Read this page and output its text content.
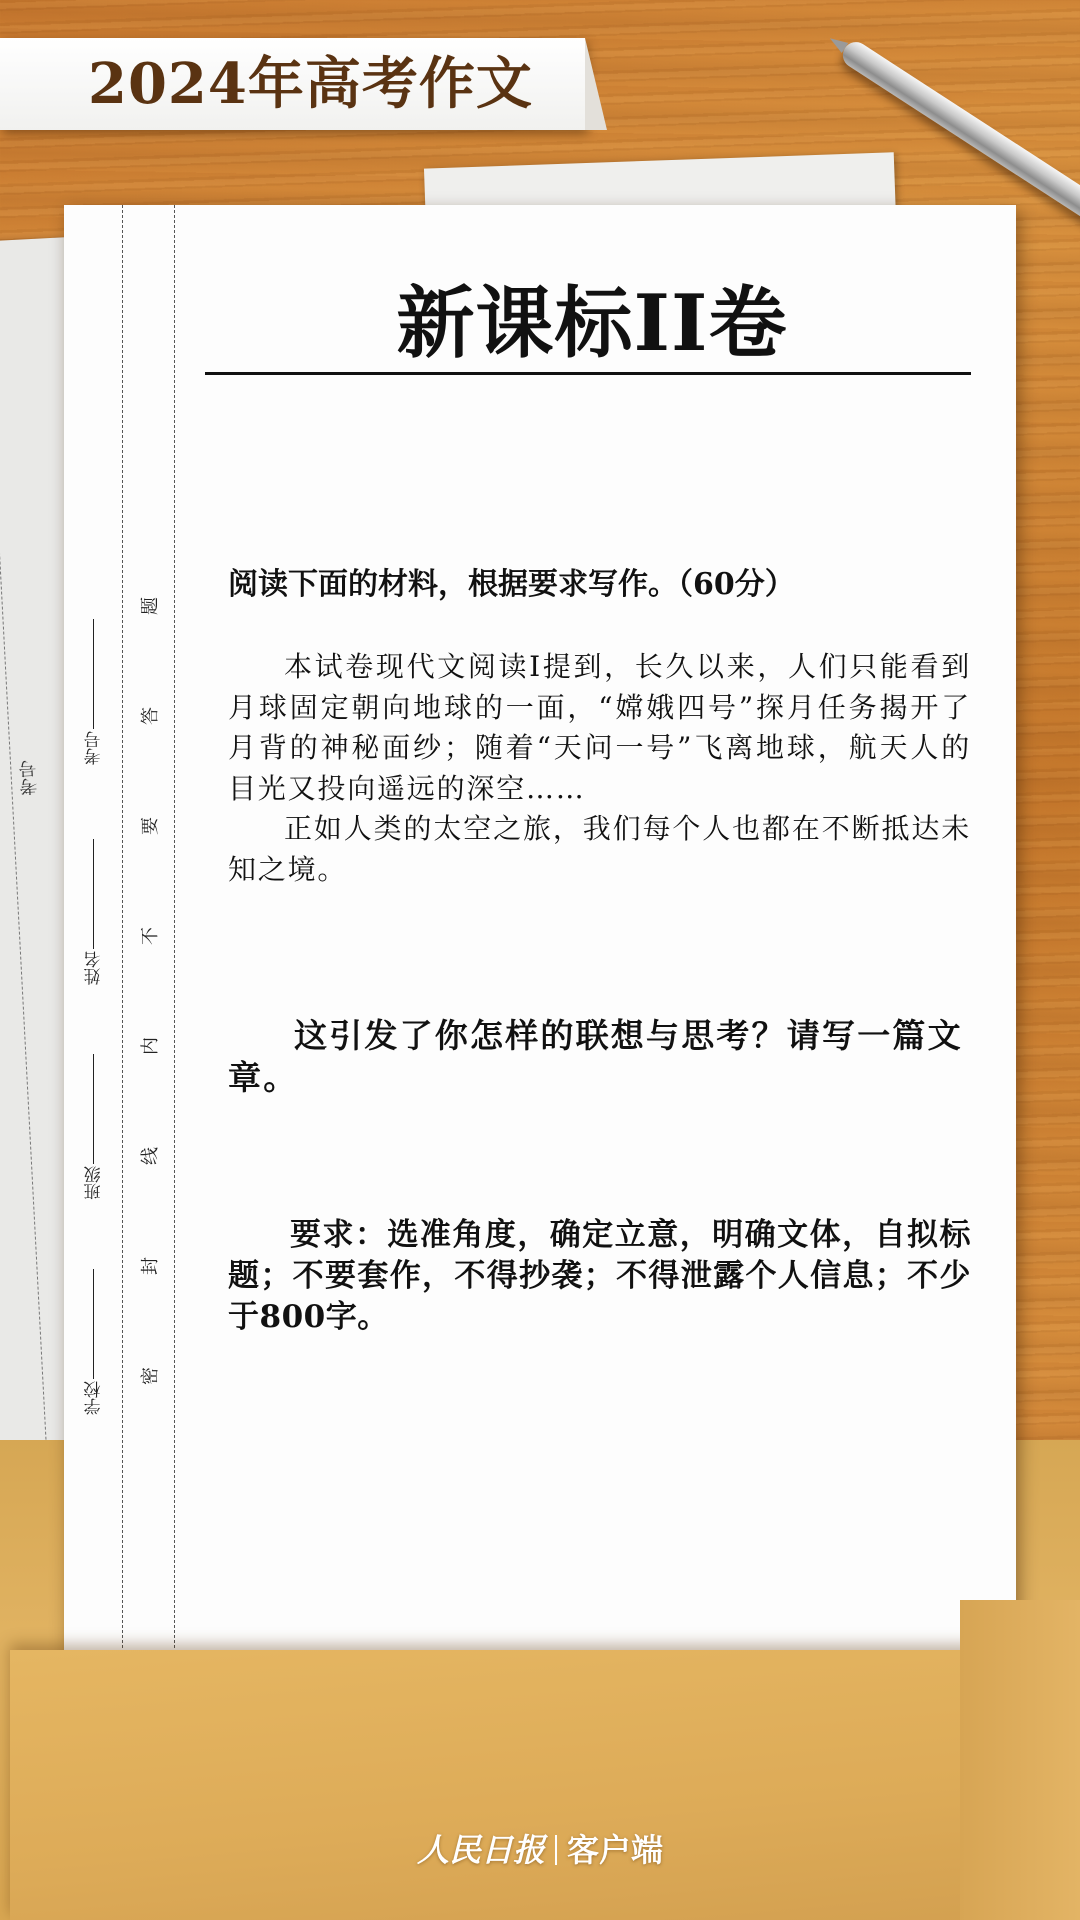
考号
2024年高考作文
考号
姓名
班级
学校
题
答
要
不
内
线
封
密
新课标II卷
阅读下面的材料，根据要求写作。（60分）

本试卷现代文阅读I提到，长久以来，人们只能看到月球固定朝向地球的一面，“嫦娥四号”探月任务揭开了月背的神秘面纱；随着“天问一号”飞离地球，航天人的目光又投向遥远的深空……

正如人类的太空之旅，我们每个人也都在不断抵达未知之境。

这引发了你怎样的联想与思考？请写一篇文章。

要求：选准角度，确定立意，明确文体，自拟标题；不要套作，不得抄袭；不得泄露个人信息；不少于800字。

人民日报 客户端
